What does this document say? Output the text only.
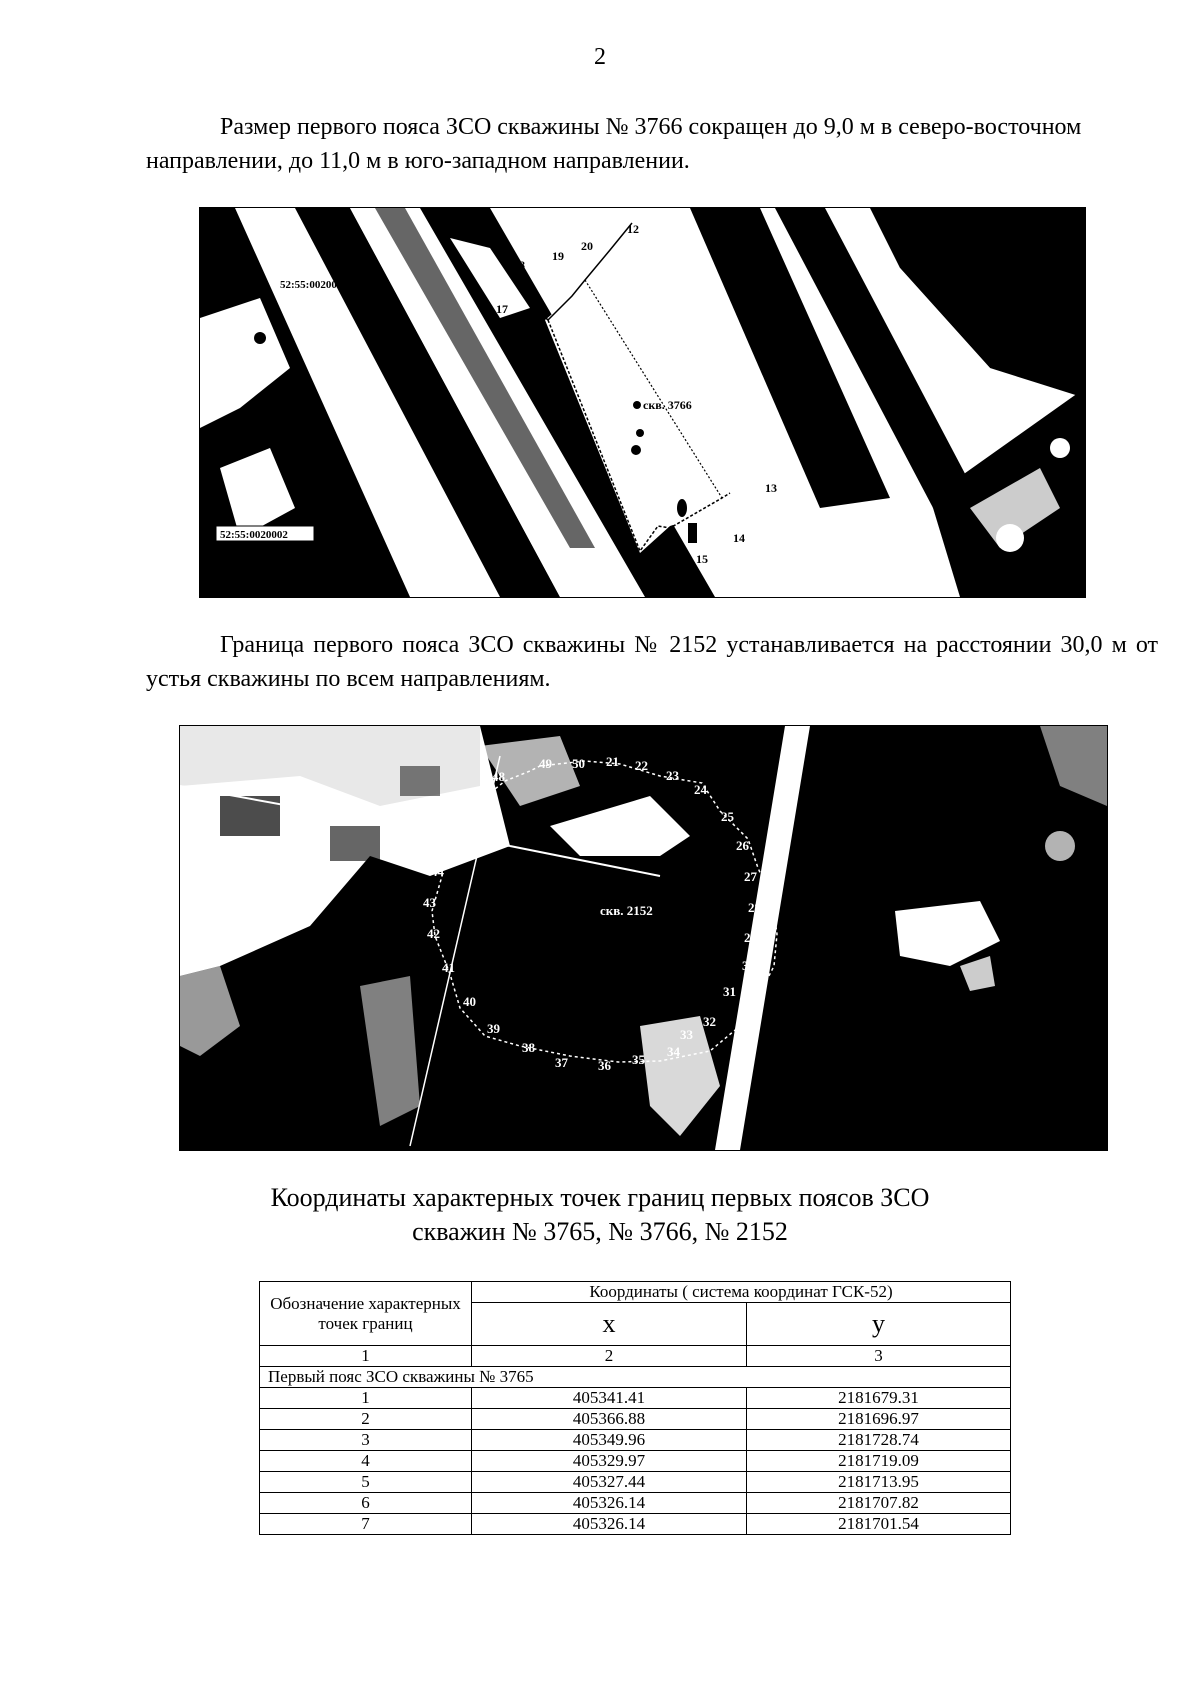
2

Размер первого пояса ЗСО скважины № 3766 сокращен до 9,0 м в северо-восточном направлении, до 11,0 м в юго-западном направлении.

52:55:0020002:1
52:55:0020002
скв. 3766
12
13
14
15
16
17
18
19
20

Граница первого пояса ЗСО скважины № 2152 устанавливается на расстоянии 30,0 м от устья скважины по всем направлениям.

52:55:0070008:13	скв. 2152
21 22
23
24
25
26
27
28
29
30
31
32
33
34
35
36
37
38
39
40
41
42
43
44
45
46
47
48
49 50
Координаты характерных точек границ первых поясов ЗСО
скважин № 3765, № 3766, № 2152
Обозначение характерных точек границ	Координаты ( система координат ГСК-52)	
	x	y
1	2	3
Первый пояс ЗСО скважины № 3765		
1	405341.41	2181679.31
2	405366.88	2181696.97
3	405349.96	2181728.74
4	405329.97	2181719.09
5	405327.44	2181713.95
6	405326.14	2181707.82
7	405326.14	2181701.54
